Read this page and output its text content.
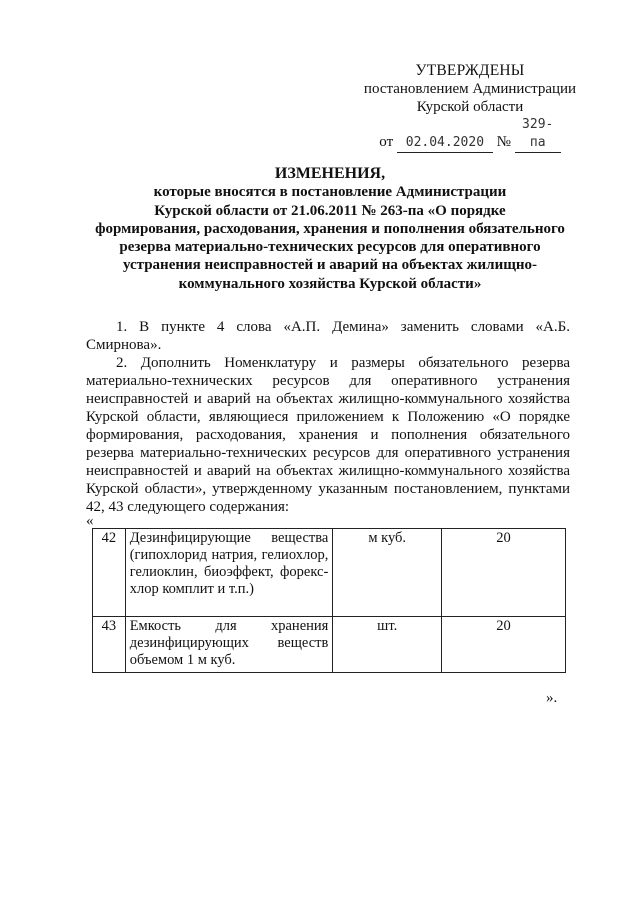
УТВЕРЖДЕНЫ
постановлением Администрации
Курской области
от 02.04.2020 № 329-па
ИЗМЕНЕНИЯ,
которые вносятся в постановление Администрации
Курской области от 21.06.2011 № 263-па «О порядке
формирования, расходования, хранения и пополнения обязательного
резерва материально-технических ресурсов для оперативного
устранения неисправностей и аварий на объектах жилищно-
коммунального хозяйства Курской области»

1. В пункте 4 слова «А.П. Демина» заменить словами «А.Б. Смирнова».

2. Дополнить Номенклатуру и размеры обязательного резерва материально-технических ресурсов для оперативного устранения неисправностей и аварий на объектах жилищно-коммунального хозяйства Курской области, являющиеся приложением к Положению «О порядке формирования, расходования, хранения и пополнения обязательного резерва материально-технических ресурсов для оперативного устранения неисправностей и аварий на объектах жилищно-коммунального хозяйства Курской области», утвержденному указанным постановлением, пунктами 42, 43 следующего содержания:

«
42	Дезинфицирующие вещества (гипохлорид натрия, гелиохлор, гелиоклин, биоэффект, форекс-хлор комплит и т.п.)	м куб.	20
43	Емкость для хранения дезинфицирующих веществ объемом 1 м куб.	шт.	20
».
